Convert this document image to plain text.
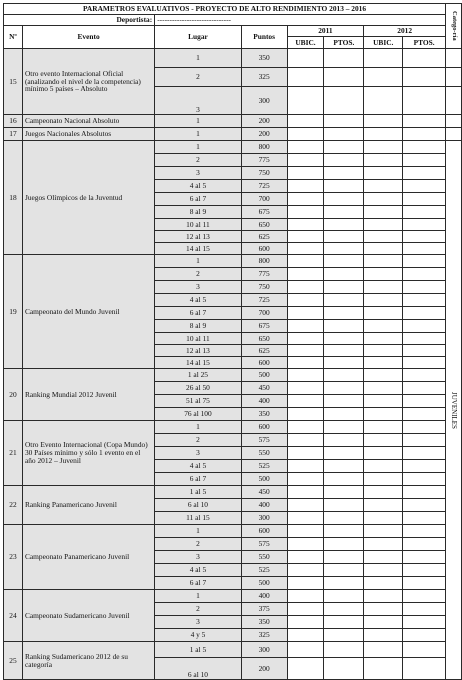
PARAMETROS EVALUATIVOS - PROYECTO DE ALTO RENDIMIENTO 2013 – 2016								Catego-ría

Deportista:		------------------------------						
Nº	Evento	Lugar	Puntos	2011		2012		
				UBIC.	PTOS.	UBIC.	PTOS.	
15	Otro evento Internacional Oficial (analizando el nivel de la competencia) mínimo 5 países – Absoluto	1	350					
		2	325					
		3	300					
16	Campeonato Nacional Absoluto	1	200					
17	Juegos Nacionales Absolutos	1	200					
18	Juegos Olímpicos de la Juventud	1	800					JUVENILES

		2	775					
		3	750					
		4 al 5	725					
		6 al 7	700					
		8 al 9	675					
		10 al 11	650					
		12 al 13	625					
		14 al 15	600					
19	Campeonato del Mundo Juvenil	1	800					
		2	775					
		3	750					
		4 al 5	725					
		6 al 7	700					
		8 al 9	675					
		10 al 11	650					
		12 al 13	625					
		14 al 15	600					
20	Ranking Mundial 2012 Juvenil	1 al 25	500					
		26 al 50	450					
		51 al 75	400					
		76 al 100	350					
21	Otro Evento Internacional (Copa Mundo) 30 Países mínimo y sólo 1 evento en el año 2012 – Juvenil	1	600					
		2	575					
		3	550					
		4 al 5	525					
		6 al 7	500					
22	Ranking Panamericano Juvenil	1 al 5	450					
		6 al 10	400					
		11 al 15	300					
23	Campeonato Panamericano Juvenil	1	600					
		2	575					
		3	550					
		4 al 5	525					
		6 al 7	500					
24	Campeonato Sudamericano Juvenil	1	400					
		2	375					
		3	350					
		4 y 5	325					
25	Ranking Sudamericano 2012 de su categoría	1 al 5	300					
		6 al 10	200					
